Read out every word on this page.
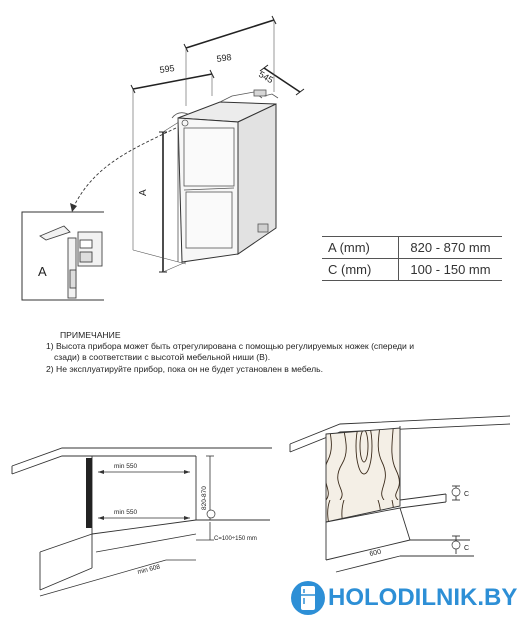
595
598
545
A
A
A (mm)	820 - 870 mm
C (mm)	100 - 150 mm
ПРИМЕЧАНИЕ
1) Высота прибора может быть отрегулирована с помощью регулируемых ножек (спереди и
сзади) в соответствии с высотой мебельной ниши (B).
2) Не эксплуатируйте прибор, пока он не будет установлен в мебель.
min 550
min 550
820-870
C=100÷150 mm
min 608
C
600
C
HOLODILNIK.BY
